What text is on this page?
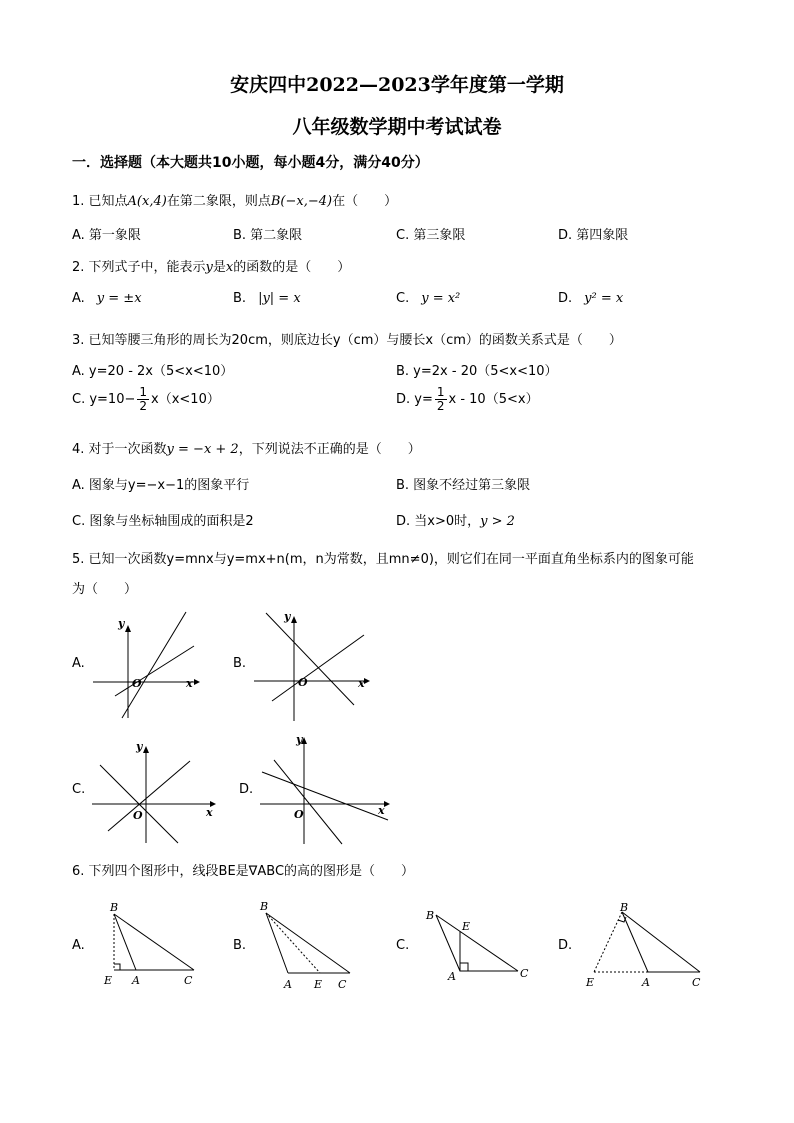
安庆四中2022—2023学年度第一学期
八年级数学期中考试试卷
一．选择题（本大题共10小题，每小题4分，满分40分）
1. 已知点A(x,4)在第二象限，则点B(−x,−4)在（　　）
A. 第一象限	B. 第二象限	C. 第三象限	D. 第四象限
2. 下列式子中，能表示y是x的函数的是（　　）
A. y = ±x	B. |y| = x	C. y = x²	D. y² = x
3. 已知等腰三角形的周长为20cm，则底边长y（cm）与腰长x（cm）的函数关系式是（　　）
A. y=20 - 2x（5<x<10）	B. y=2x - 20（5<x<10）
C. $y=10- \frac{1}{2} x(x<10)$	D. $y= \frac{1}{2}$ x - 10（5<x）
4. 对于一次函数y = −x + 2，下列说法不正确的是（　　）
A. 图象与y=−x−1的图象平行	B. 图象不经过第三象限
C. 图象与坐标轴围成的面积是2	D. 当x>0时，y > 2
5. 已知一次函数y=mnx与y=mx+n(m，n为常数，且mn≠0)，则它们在同一平面直角坐标系内的图象可能
为（　　）
A.
x
y
O
B.
x
y
O
C.
x
y
O
D.
x
y
O
6. 下列四个图形中，线段BE是∇ABC的高的图形是（　　）
A.
B
E A	C
B.
B
A E C
C.
B
E
A	C
D.
B
E	A	C
